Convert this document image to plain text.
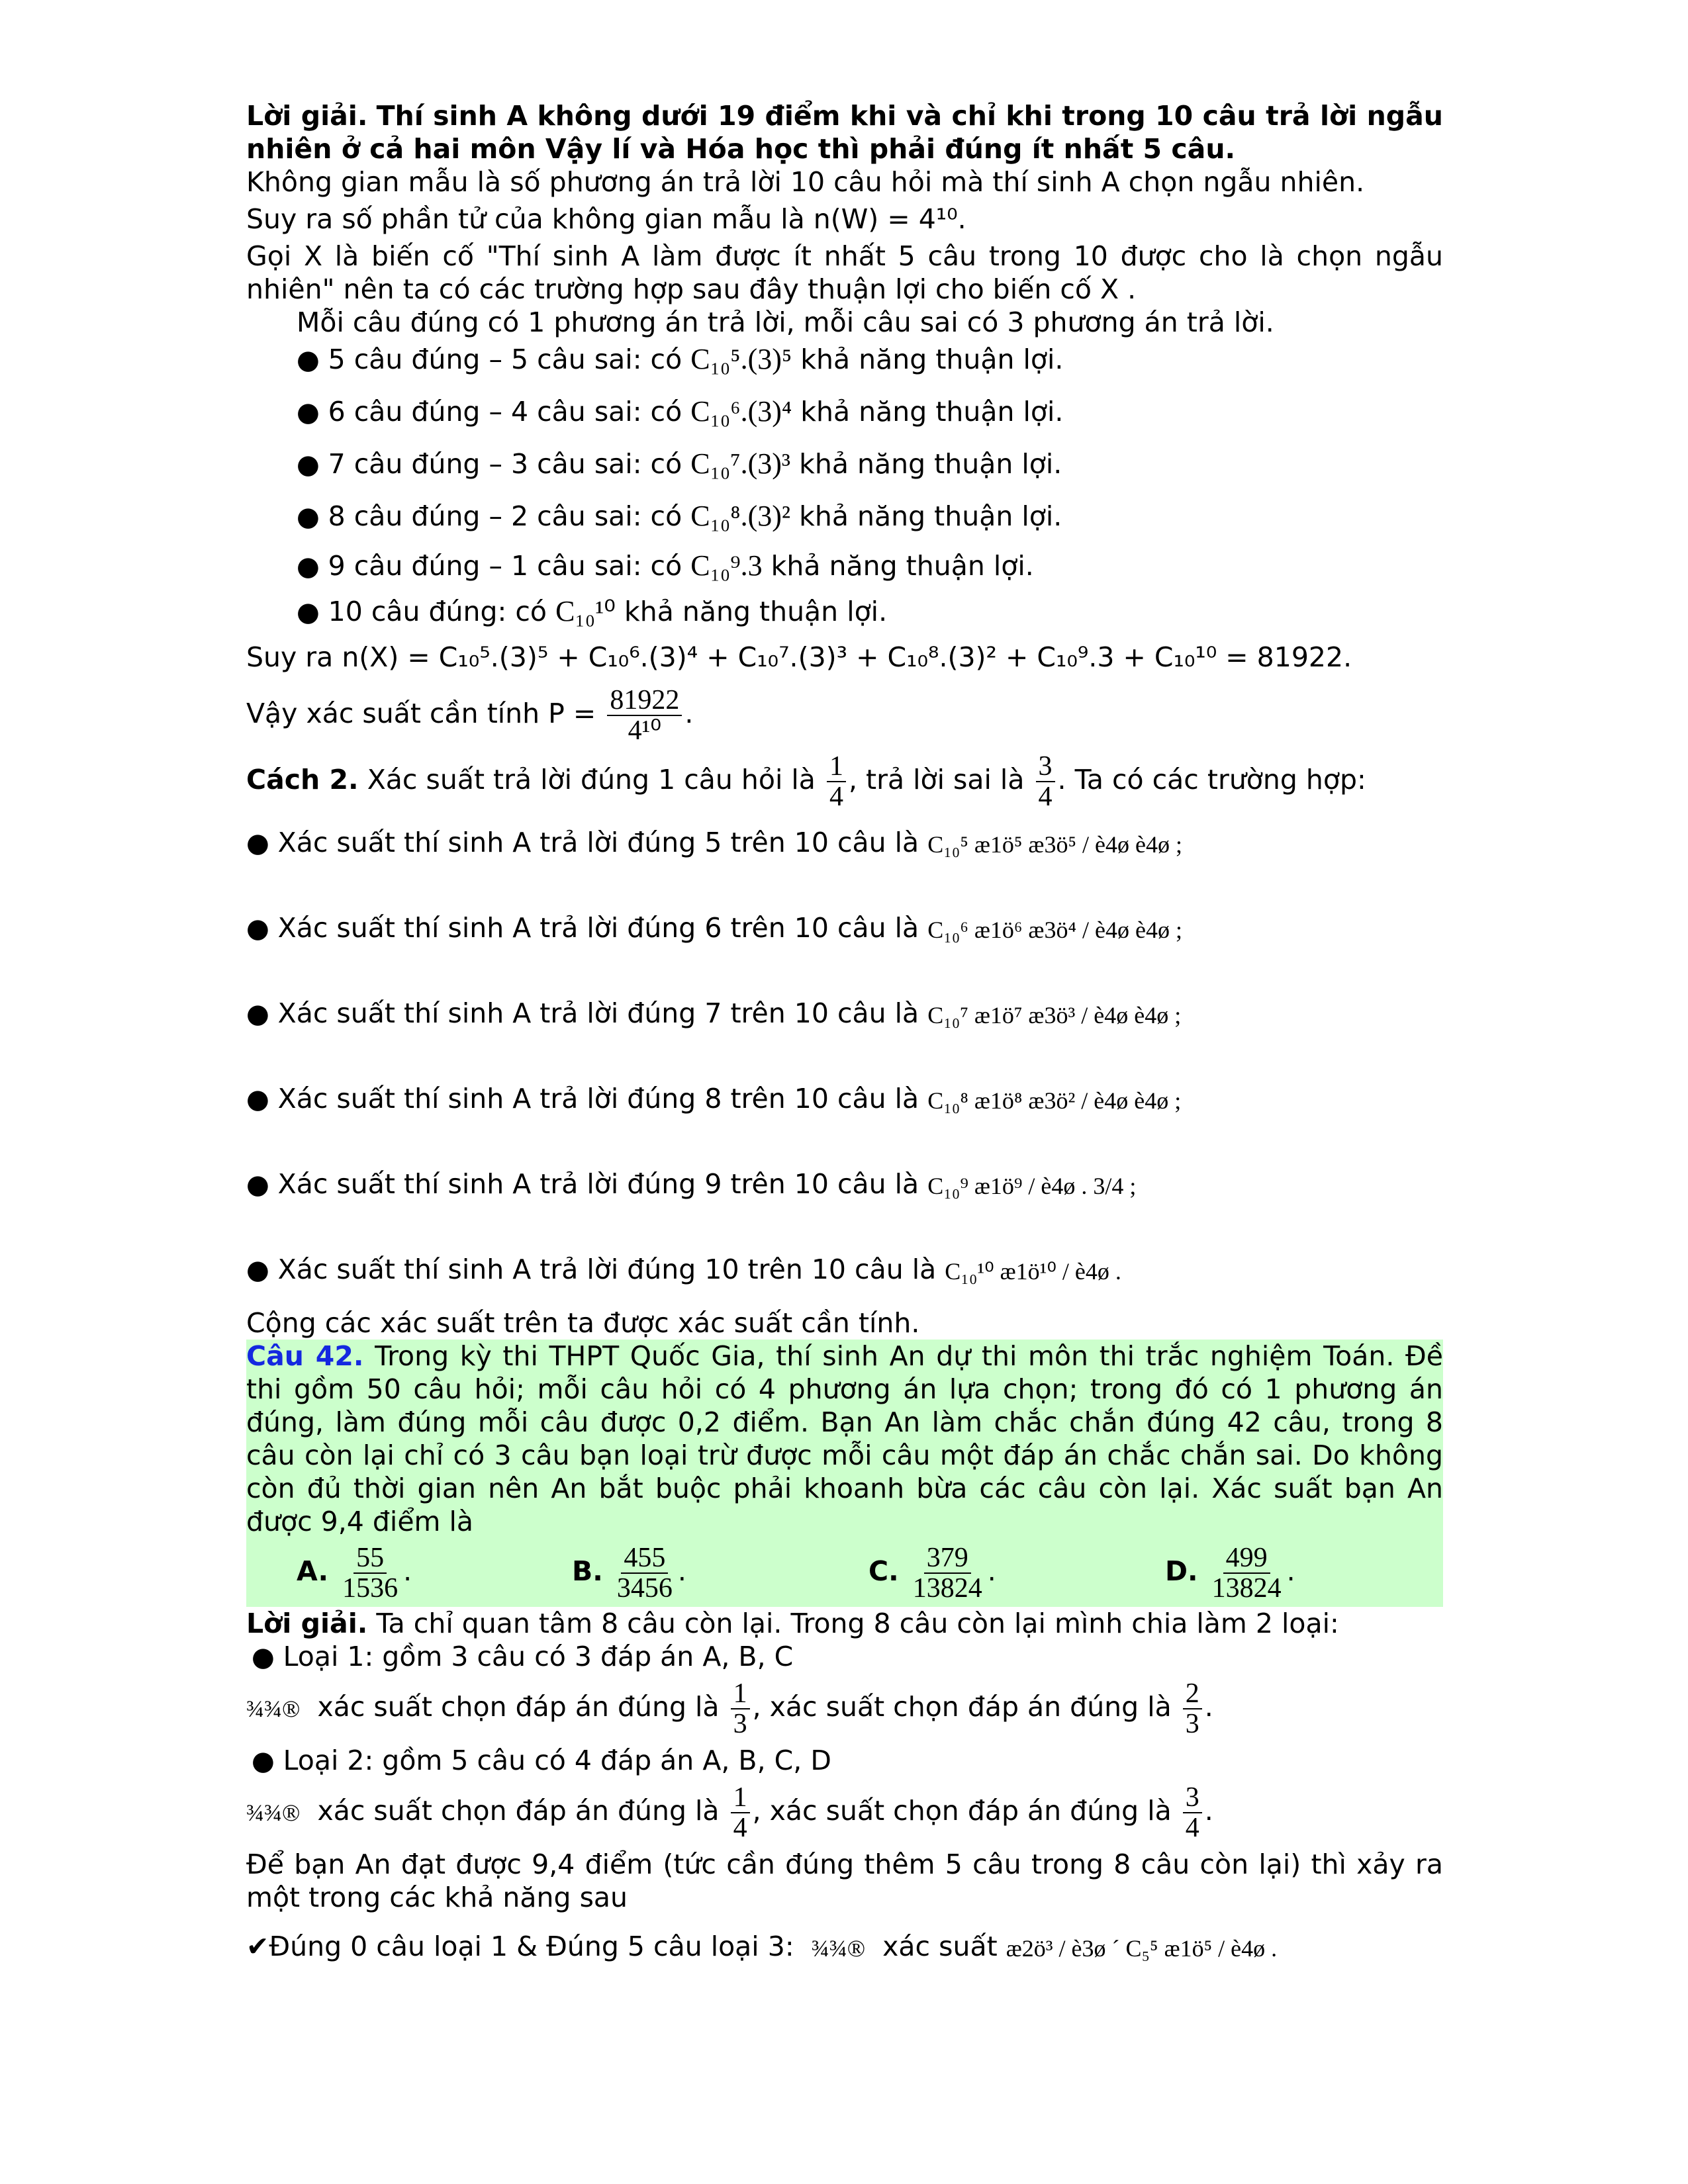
Lời giải. Thí sinh A không dưới 19 điểm khi và chỉ khi trong 10 câu trả lời ngẫu nhiên ở cả hai môn Vậy lí và Hóa học thì phải đúng ít nhất 5 câu.
Không gian mẫu là số phương án trả lời 10 câu hỏi mà thí sinh A chọn ngẫu nhiên.
Suy ra số phần tử của không gian mẫu là n(W) = 4¹⁰.
Gọi X là biến cố "Thí sinh A làm được ít nhất 5 câu trong 10 được cho là chọn ngẫu nhiên" nên ta có các trường hợp sau đây thuận lợi cho biến cố X .
Mỗi câu đúng có 1 phương án trả lời, mỗi câu sai có 3 phương án trả lời.
● 5 câu đúng – 5 câu sai: có C₁₀⁵.(3)⁵ khả năng thuận lợi.
● 6 câu đúng – 4 câu sai: có C₁₀⁶.(3)⁴ khả năng thuận lợi.
● 7 câu đúng – 3 câu sai: có C₁₀⁷.(3)³ khả năng thuận lợi.
● 8 câu đúng – 2 câu sai: có C₁₀⁸.(3)² khả năng thuận lợi.
● 9 câu đúng – 1 câu sai: có C₁₀⁹.3 khả năng thuận lợi.
● 10 câu đúng: có C₁₀¹⁰ khả năng thuận lợi.
Suy ra n(X) = C₁₀⁵.(3)⁵ + C₁₀⁶.(3)⁴ + C₁₀⁷.(3)³ + C₁₀⁸.(3)² + C₁₀⁹.3 + C₁₀¹⁰ = 81922.
Vậy xác suất cần tính $P = \frac{81922}{\text{4¹⁰}}$ .
Cách 2. Xác suất trả lời đúng 1 câu hỏi là $\frac{1}{4}$ , trả lời sai là $\frac{3}{4}$ . Ta có các trường hợp:
● Xác suất thí sinh A trả lời đúng 5 trên 10 câu là C₁₀⁵ æ1ö⁵ æ3ö⁵ / è4ø è4ø ;
● Xác suất thí sinh A trả lời đúng 6 trên 10 câu là C₁₀⁶ æ1ö⁶ æ3ö⁴ / è4ø è4ø ;
● Xác suất thí sinh A trả lời đúng 7 trên 10 câu là C₁₀⁷ æ1ö⁷ æ3ö³ / è4ø è4ø ;
● Xác suất thí sinh A trả lời đúng 8 trên 10 câu là C₁₀⁸ æ1ö⁸ æ3ö² / è4ø è4ø ;
● Xác suất thí sinh A trả lời đúng 9 trên 10 câu là C₁₀⁹ æ1ö⁹ / è4ø . 3/4 ;
● Xác suất thí sinh A trả lời đúng 10 trên 10 câu là C₁₀¹⁰ æ1ö¹⁰ / è4ø .
Cộng các xác suất trên ta được xác suất cần tính.
Câu 42. Trong kỳ thi THPT Quốc Gia, thí sinh An dự thi môn thi trắc nghiệm Toán. Đề thi gồm 50 câu hỏi; mỗi câu hỏi có 4 phương án lựa chọn; trong đó có 1 phương án đúng, làm đúng mỗi câu được 0,2 điểm. Bạn An làm chắc chắn đúng 42 câu, trong 8 câu còn lại chỉ có 3 câu bạn loại trừ được mỗi câu một đáp án chắc chắn sai. Do không còn đủ thời gian nên An bắt buộc phải khoanh bừa các câu còn lại. Xác suất bạn An được 9,4 điểm là
A. $\frac{55}{1536}$ .	B. $\frac{455}{3456}$ .	C. $\frac{379}{13824}$ .	D. $\frac{499}{13824}$ .
Lời giải. Ta chỉ quan tâm 8 câu còn lại. Trong 8 câu còn lại mình chia làm 2 loại:
● Loại 1: gồm 3 câu có 3 đáp án A, B, C
¾¾® xác suất chọn đáp án đúng là $\frac{1}{3}$ , xác suất chọn đáp án đúng là $\frac{2}{3}$ .
● Loại 2: gồm 5 câu có 4 đáp án A, B, C, D
¾¾® xác suất chọn đáp án đúng là $\frac{1}{4}$ , xác suất chọn đáp án đúng là $\frac{3}{4}$ .
Để bạn An đạt được 9,4 điểm (tức cần đúng thêm 5 câu trong 8 câu còn lại) thì xảy ra một trong các khả năng sau
✔Đúng 0 câu loại 1 & Đúng 5 câu loại 3: ¾¾® xác suất æ2ö³ / è3ø ´ C₅⁵ æ1ö⁵ / è4ø .
